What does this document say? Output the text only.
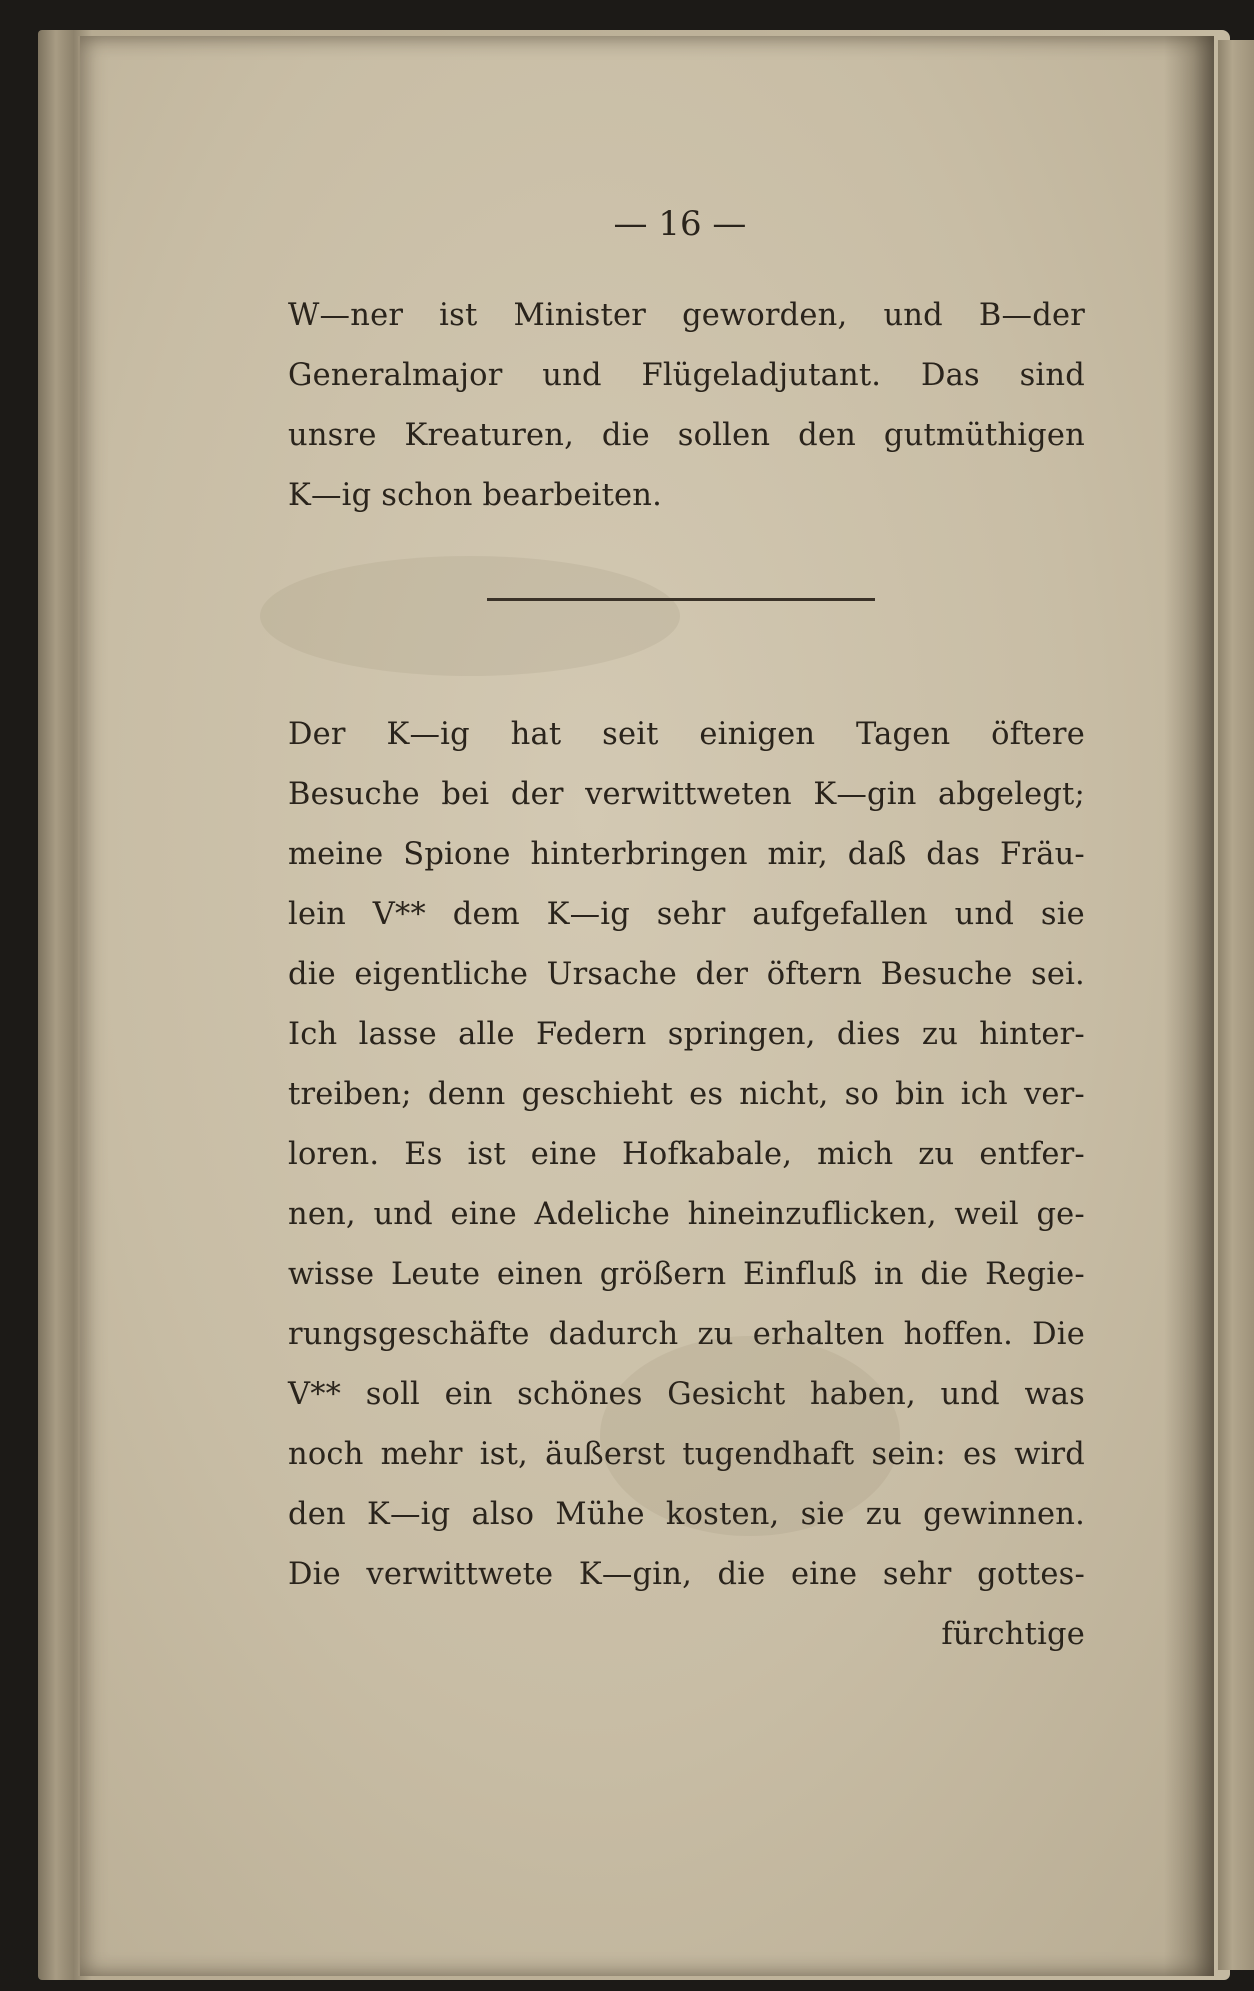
— 16 —
W—ner ist Minister geworden, und B—der
Generalmajor und Flügeladjutant. Das sind
unsre Kreaturen, die sollen den gutmüthigen
K—ig schon bearbeiten.
Der K—ig hat seit einigen Tagen öftere
Besuche bei der verwittweten K—gin abgelegt;
meine Spione hinterbringen mir, daß das Fräu-
lein V** dem K—ig sehr aufgefallen und sie
die eigentliche Ursache der öftern Besuche sei.
Ich lasse alle Federn springen, dies zu hinter-
treiben; denn geschieht es nicht, so bin ich ver-
loren. Es ist eine Hofkabale, mich zu entfer-
nen, und eine Adeliche hineinzuflicken, weil ge-
wisse Leute einen größern Einfluß in die Regie-
rungsgeschäfte dadurch zu erhalten hoffen. Die
V** soll ein schönes Gesicht haben, und was
noch mehr ist, äußerst tugendhaft sein: es wird
den K—ig also Mühe kosten, sie zu gewinnen.
Die verwittwete K—gin, die eine sehr gottes-
fürchtige
